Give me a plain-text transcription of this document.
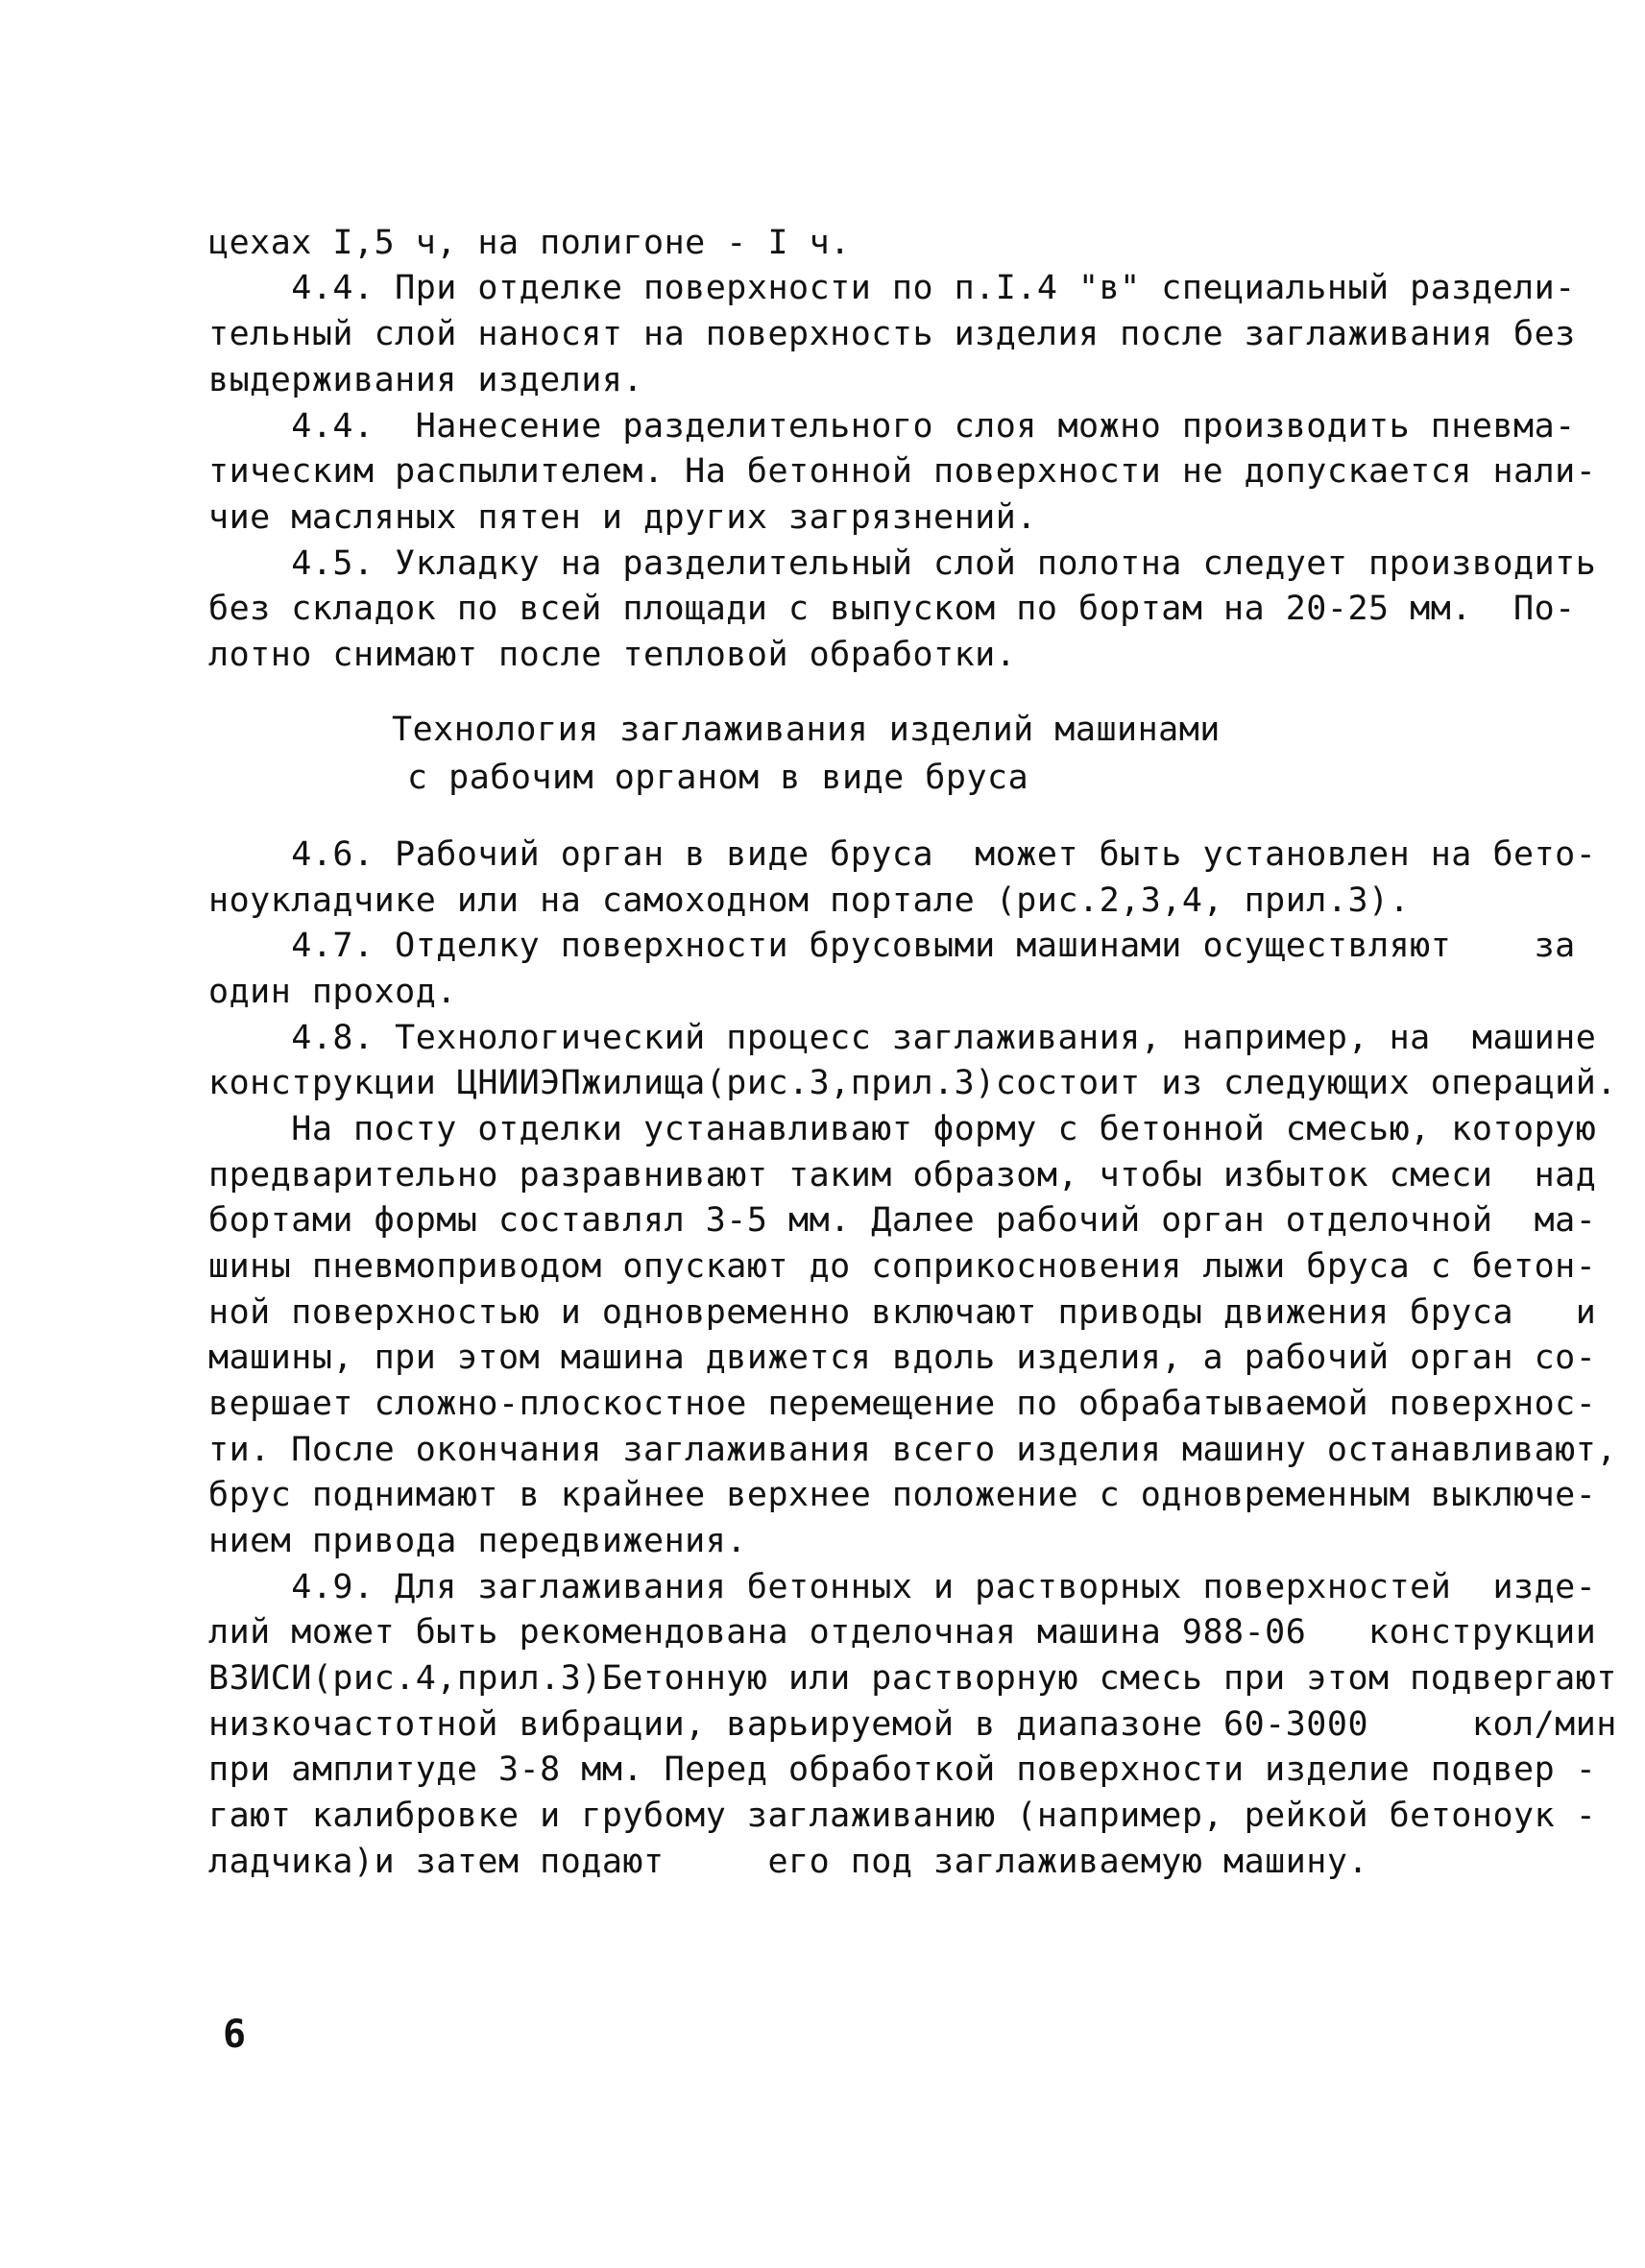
цехах I,5 ч, на полигоне - I ч.
4.4. При отделке поверхности по п.I.4 "в" специальный раздели-
тельный слой наносят на поверхность изделия после заглаживания без
выдерживания изделия.
4.4.  Нанесение разделительного слоя можно производить пневма-
тическим распылителем. На бетонной поверхности не допускается нали-
чие масляных пятен и других загрязнений.
4.5. Укладку на разделительный слой полотна следует производить
без складок по всей площади с выпуском по бортам на 20-25 мм.  По-
лотно снимают после тепловой обработки.
Технология заглаживания изделий машинами
с рабочим органом в виде бруса
4.6. Рабочий орган в виде бруса  может быть установлен на бето-
ноукладчике или на самоходном портале (рис.2,3,4, прил.3).
4.7. Отделку поверхности брусовыми машинами осуществляют    за
один проход.
4.8. Технологический процесс заглаживания, например, на  машине
конструкции ЦНИИЭПжилища(рис.3,прил.3)состоит из следующих операций.
На посту отделки устанавливают форму с бетонной смесью, которую
предварительно разравнивают таким образом, чтобы избыток смеси  над
бортами формы составлял 3-5 мм. Далее рабочий орган отделочной  ма-
шины пневмоприводом опускают до соприкосновения лыжи бруса с бетон-
ной поверхностью и одновременно включают приводы движения бруса   и
машины, при этом машина движется вдоль изделия, а рабочий орган со-
вершает сложно-плоскостное перемещение по обрабатываемой поверхнос-
ти. После окончания заглаживания всего изделия машину останавливают,
брус поднимают в крайнее верхнее положение с одновременным выключе-
нием привода передвижения.
4.9. Для заглаживания бетонных и растворных поверхностей  изде-
лий может быть рекомендована отделочная машина 988-06   конструкции
ВЗИСИ(рис.4,прил.3)Бетонную или растворную смесь при этом подвергают
низкочастотной вибрации, варьируемой в диапазоне 60-3000     кол/мин
при амплитуде 3-8 мм. Перед обработкой поверхности изделие подвер -
гают калибровке и грубому заглаживанию (например, рейкой бетоноук -
ладчика)и затем подают     его под заглаживаемую машину.
6
